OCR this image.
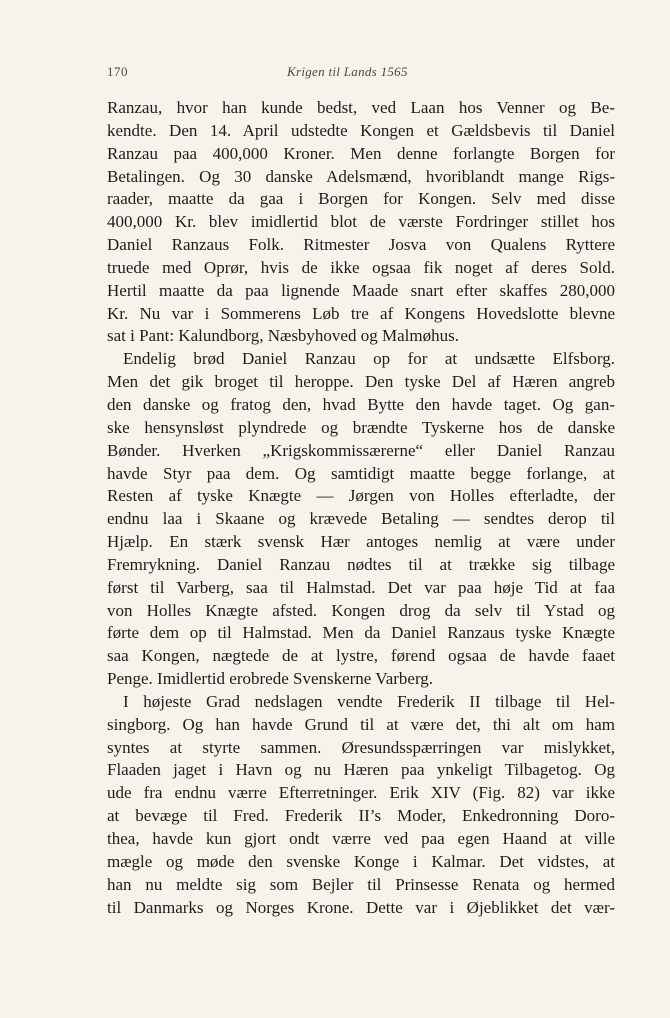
170	Krigen til Lands 1565
Ranzau, hvor han kunde bedst, ved Laan hos Venner og Be-
kendte. Den 14. April udstedte Kongen et Gældsbevis til Daniel
Ranzau paa 400,000 Kroner. Men denne forlangte Borgen for
Betalingen. Og 30 danske Adelsmænd, hvoriblandt mange Rigs-
raader, maatte da gaa i Borgen for Kongen. Selv med disse
400,000 Kr. blev imidlertid blot de værste Fordringer stillet hos
Daniel Ranzaus Folk. Ritmester Josva von Qualens Ryttere
truede med Oprør, hvis de ikke ogsaa fik noget af deres Sold.
Hertil maatte da paa lignende Maade snart efter skaffes 280,000
Kr. Nu var i Sommerens Løb tre af Kongens Hovedslotte blevne
sat i Pant: Kalundborg, Næsbyhoved og Malmøhus.
Endelig brød Daniel Ranzau op for at undsætte Elfsborg.
Men det gik broget til heroppe. Den tyske Del af Hæren angreb
den danske og fratog den, hvad Bytte den havde taget. Og gan-
ske hensynsløst plyndrede og brændte Tyskerne hos de danske
Bønder. Hverken „Krigskommissærerne“ eller Daniel Ranzau
havde Styr paa dem. Og samtidigt maatte begge forlange, at
Resten af tyske Knægte — Jørgen von Holles efterladte, der
endnu laa i Skaane og krævede Betaling — sendtes derop til
Hjælp. En stærk svensk Hær antoges nemlig at være under
Fremrykning. Daniel Ranzau nødtes til at trække sig tilbage
først til Varberg, saa til Halmstad. Det var paa høje Tid at faa
von Holles Knægte afsted. Kongen drog da selv til Ystad og
førte dem op til Halmstad. Men da Daniel Ranzaus tyske Knægte
saa Kongen, nægtede de at lystre, førend ogsaa de havde faaet
Penge. Imidlertid erobrede Svenskerne Varberg.
I højeste Grad nedslagen vendte Frederik II tilbage til Hel-
singborg. Og han havde Grund til at være det, thi alt om ham
syntes at styrte sammen. Øresundsspærringen var mislykket,
Flaaden jaget i Havn og nu Hæren paa ynkeligt Tilbagetog. Og
ude fra endnu værre Efterretninger. Erik XIV (Fig. 82) var ikke
at bevæge til Fred. Frederik II’s Moder, Enkedronning Doro-
thea, havde kun gjort ondt værre ved paa egen Haand at ville
mægle og møde den svenske Konge i Kalmar. Det vidstes, at
han nu meldte sig som Bejler til Prinsesse Renata og hermed
til Danmarks og Norges Krone. Dette var i Øjeblikket det vær-
